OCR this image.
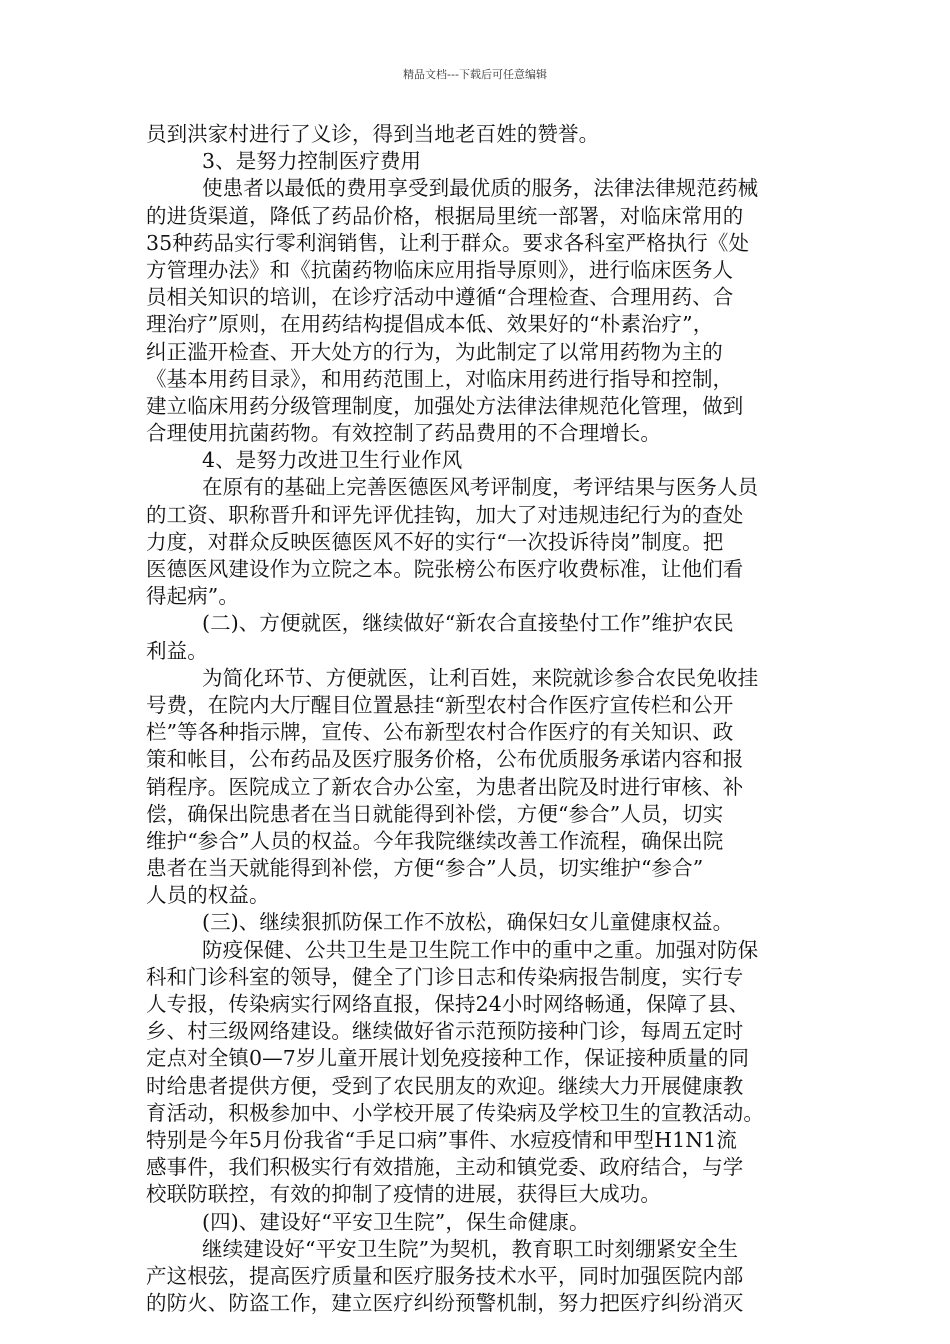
精品文档---下载后可任意编辑
员到洪家村进行了义诊，得到当地老百姓的赞誉。
3、是努力控制医疗费用
使患者以最低的费用享受到最优质的服务，法律法律规范药械
的进货渠道，降低了药品价格，根据局里统一部署，对临床常用的
35种药品实行零利润销售，让利于群众。要求各科室严格执行《处
方管理办法》和《抗菌药物临床应用指导原则》，进行临床医务人
员相关知识的培训，在诊疗活动中遵循“合理检查、合理用药、合
理治疗”原则，在用药结构提倡成本低、效果好的“朴素治疗”，
纠正滥开检查、开大处方的行为，为此制定了以常用药物为主的
《基本用药目录》，和用药范围上，对临床用药进行指导和控制，
建立临床用药分级管理制度，加强处方法律法律规范化管理，做到
合理使用抗菌药物。有效控制了药品费用的不合理增长。
4、是努力改进卫生行业作风
在原有的基础上完善医德医风考评制度，考评结果与医务人员
的工资、职称晋升和评先评优挂钩，加大了对违规违纪行为的查处
力度，对群众反映医德医风不好的实行“一次投诉待岗”制度。把
医德医风建设作为立院之本。院张榜公布医疗收费标准，让他们看
得起病”。
(二)、方便就医，继续做好“新农合直接垫付工作”维护农民
利益。
为简化环节、方便就医，让利百姓，来院就诊参合农民免收挂
号费，在院内大厅醒目位置悬挂“新型农村合作医疗宣传栏和公开
栏”等各种指示牌，宣传、公布新型农村合作医疗的有关知识、政
策和帐目，公布药品及医疗服务价格，公布优质服务承诺内容和报
销程序。医院成立了新农合办公室，为患者出院及时进行审核、补
偿，确保出院患者在当日就能得到补偿，方便“参合”人员，切实
维护“参合”人员的权益。今年我院继续改善工作流程，确保出院
患者在当天就能得到补偿，方便“参合”人员，切实维护“参合”
人员的权益。
(三)、继续狠抓防保工作不放松，确保妇女儿童健康权益。
防疫保健、公共卫生是卫生院工作中的重中之重。加强对防保
科和门诊科室的领导，健全了门诊日志和传染病报告制度，实行专
人专报，传染病实行网络直报，保持24小时网络畅通，保障了县、
乡、村三级网络建设。继续做好省示范预防接种门诊，每周五定时
定点对全镇0—7岁儿童开展计划免疫接种工作，保证接种质量的同
时给患者提供方便，受到了农民朋友的欢迎。继续大力开展健康教
育活动，积极参加中、小学校开展了传染病及学校卫生的宣教活动。
特别是今年5月份我省“手足口病”事件、水痘疫情和甲型H1N1流
感事件，我们积极实行有效措施，主动和镇党委、政府结合，与学
校联防联控，有效的抑制了疫情的进展，获得巨大成功。
(四)、建设好“平安卫生院”，保生命健康。
继续建设好“平安卫生院”为契机，教育职工时刻绷紧安全生
产这根弦，提高医疗质量和医疗服务技术水平，同时加强医院内部
的防火、防盗工作，建立医疗纠纷预警机制，努力把医疗纠纷消灭
